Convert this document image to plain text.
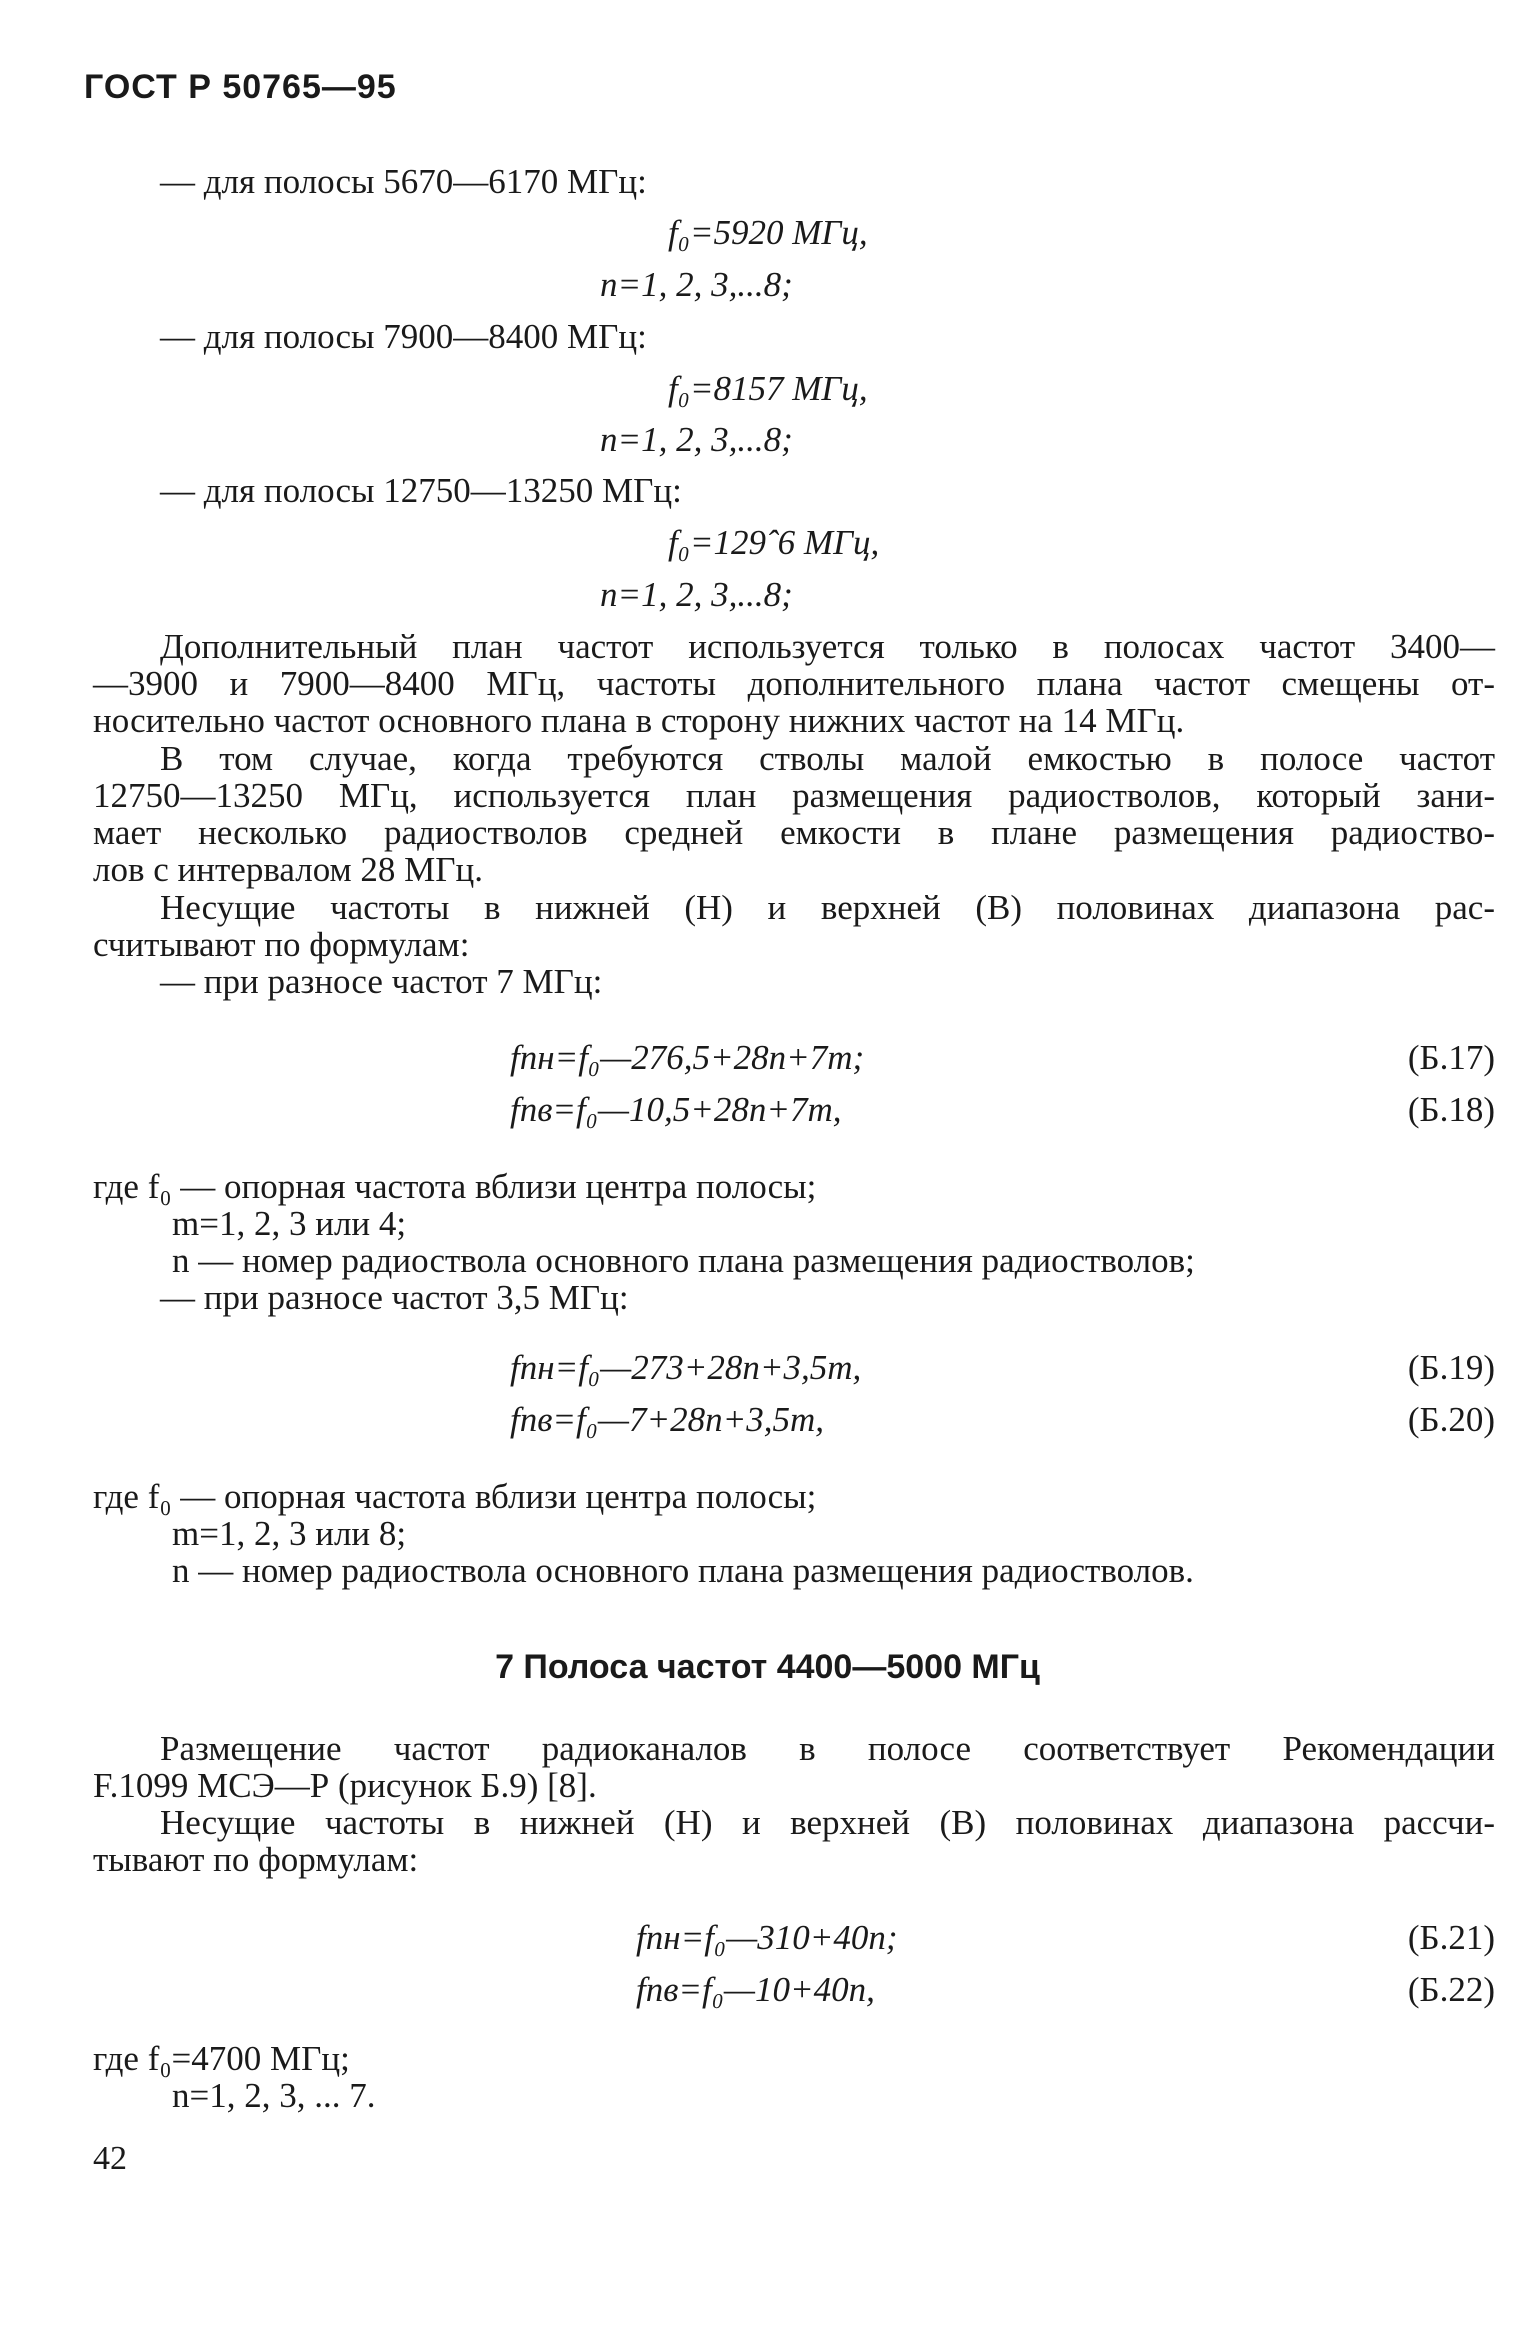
ГОСТ Р 50765—95
— для полосы 5670—6170 МГц:
f₀=5920 МГц,
n=1, 2, 3,...8;
— для полосы 7900—8400 МГц:
f₀=8157 МГц,
n=1, 2, 3,...8;
— для полосы 12750—13250 МГц:
f₀=129ˆ6 МГц,
n=1, 2, 3,...8;
Дополнительный план частот используется только в полосах частот 3400—
—3900 и 7900—8400 МГц, частоты дополнительного плана частот смещены от-
носительно частот основного плана в сторону нижних частот на 14 МГц.
В том случае, когда требуются стволы малой емкостью в полосе частот
12750—13250 МГц, используется план размещения радиостволов, который зани-
мает несколько радиостволов средней емкости в плане размещения радиоство-
лов с интервалом 28 МГц.
Несущие частоты в нижней (Н) и верхней (В) половинах диапазона рас-
считывают по формулам:
— при разносе частот 7 МГц:
fnн=f₀—276,5+28n+7m;	(Б.17)
fnв=f₀—10,5+28n+7m,	(Б.18)
где f₀ — опорная частота вблизи центра полосы;
m=1, 2, 3 или 4;
n — номер радиоствола основного плана размещения радиостволов;
— при разносе частот 3,5 МГц:
fnн=f₀—273+28n+3,5m,	(Б.19)
fnв=f₀—7+28n+3,5m,	(Б.20)
где f₀ — опорная частота вблизи центра полосы;
m=1, 2, 3 или 8;
n — номер радиоствола основного плана размещения радиостволов.
7 Полоса частот 4400—5000 МГц
Размещение частот радиоканалов в полосе соответствует Рекомендации
F.1099 МСЭ—Р (рисунок Б.9) [8].
Несущие частоты в нижней (Н) и верхней (В) половинах диапазона рассчи-
тывают по формулам:
fnн=f₀—310+40n;	(Б.21)
fnв=f₀—10+40n,	(Б.22)
где f₀=4700 МГц;
n=1, 2, 3, ... 7.
42
